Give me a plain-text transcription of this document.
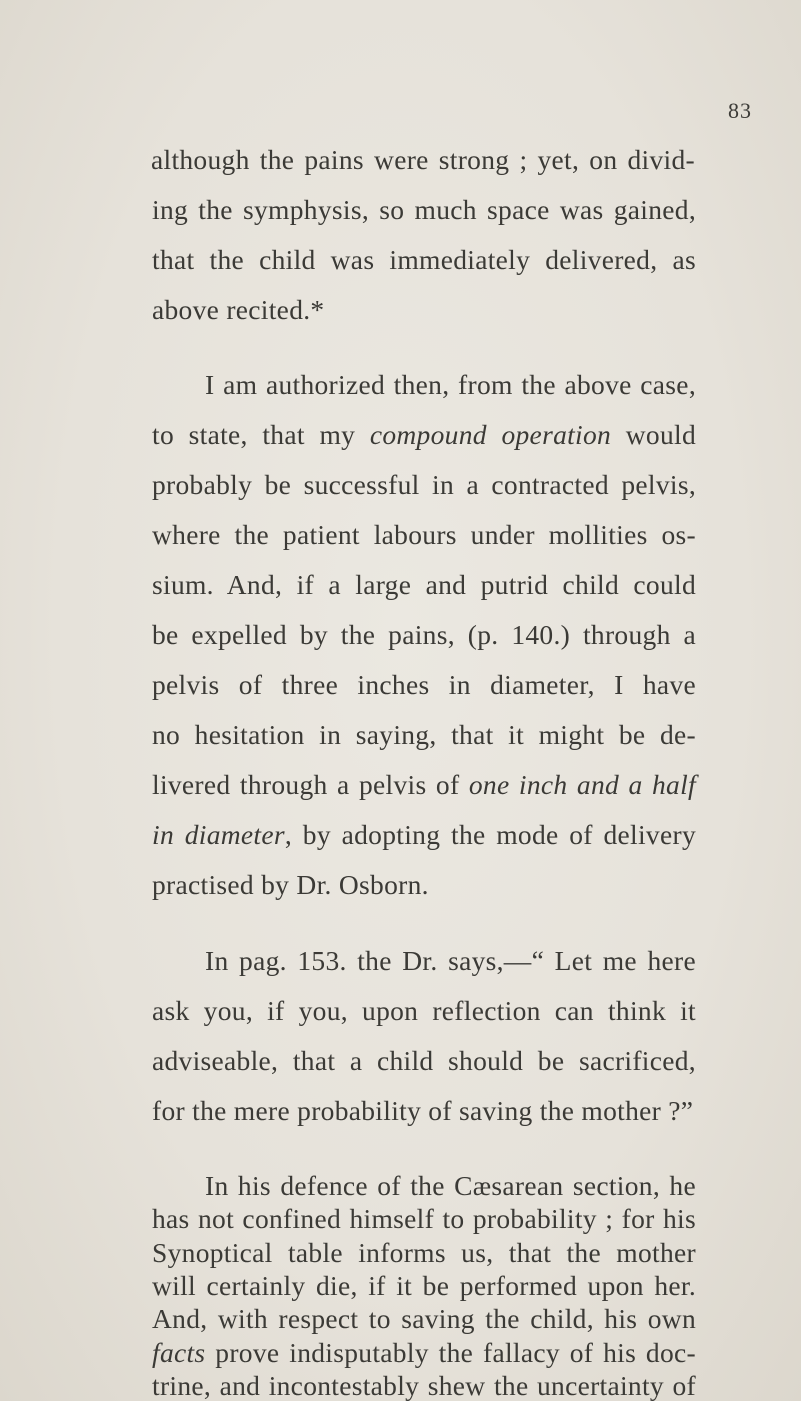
83
although the pains were strong ; yet, on divid-
ing the symphysis, so much space was gained,
that the child was immediately delivered, as
above recited.*
I am authorized then, from the above case,
to state, that my compound operation would
probably be successful in a contracted pelvis,
where the patient labours under mollities os-
sium. And, if a large and putrid child could
be expelled by the pains, (p. 140.) through a
pelvis of three inches in diameter, I have
no hesitation in saying, that it might be de-
livered through a pelvis of one inch and a half
in diameter, by adopting the mode of delivery
practised by Dr. Osborn.
In pag. 153. the Dr. says,—“ Let me here
ask you, if you, upon reflection can think it
adviseable, that a child should be sacrificed,
for the mere probability of saving the mother ?”
In his defence of the Cæsarean section, he
has not confined himself to probability ; for his
Synoptical table informs us, that the mother
will certainly die, if it be performed upon her.
And, with respect to saving the child, his own
facts prove indisputably the fallacy of his doc-
trine, and incontestably shew the uncertainty of
